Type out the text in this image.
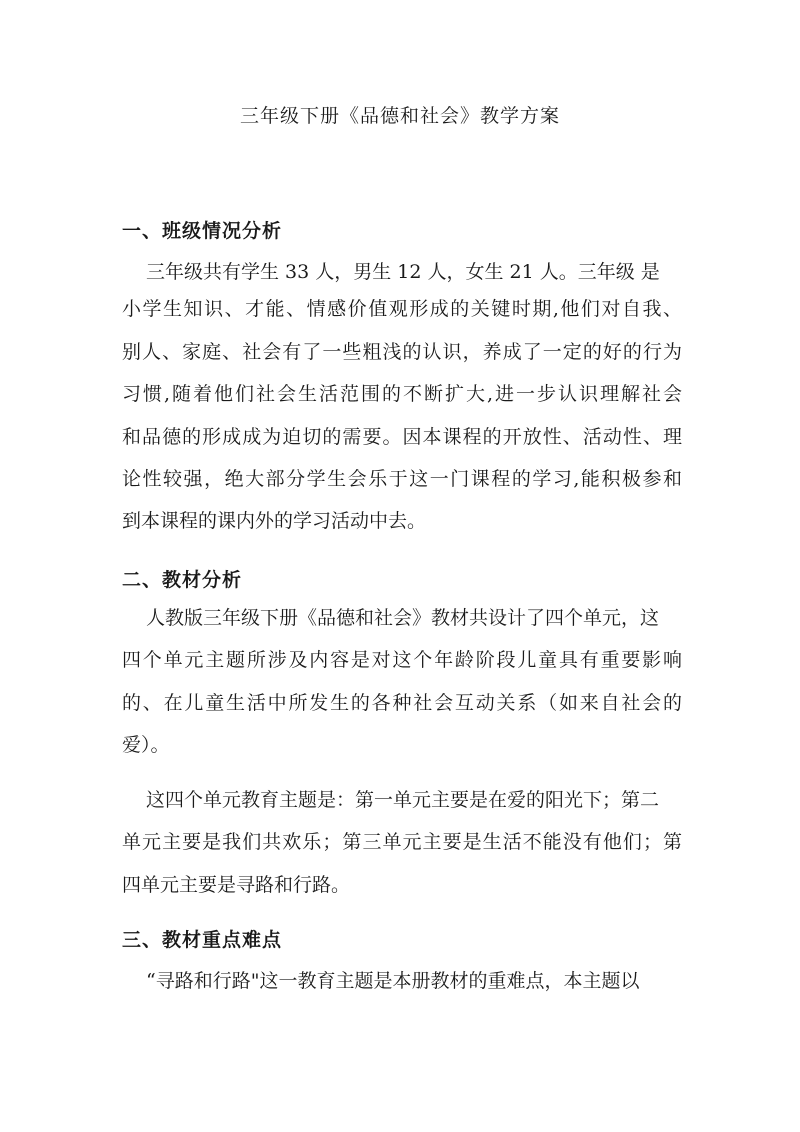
三年级下册《品德和社会》教学方案
一、班级情况分析
三年级共有学生 33 人，男生 12 人，女生 21 人。三年级 是
小学生知识、才能、情感价值观形成的关键时期,他们对自我、
别人、家庭、社会有了一些粗浅的认识，养成了一定的好的行为
习惯,随着他们社会生活范围的不断扩大,进一步认识理解社会
和品德的形成成为迫切的需要。因本课程的开放性、活动性、理
论性较强，绝大部分学生会乐于这一门课程的学习,能积极参和
到本课程的课内外的学习活动中去。
二、教材分析
人教版三年级下册《品德和社会》教材共设计了四个单元，这
四个单元主题所涉及内容是对这个年龄阶段儿童具有重要影响
的、在儿童生活中所发生的各种社会互动关系（如来自社会的
爱）。
这四个单元教育主题是：第一单元主要是在爱的阳光下；第二
单元主要是我们共欢乐；第三单元主要是生活不能没有他们；第
四单元主要是寻路和行路。
三、教材重点难点
“寻路和行路"这一教育主题是本册教材的重难点，本主题以
